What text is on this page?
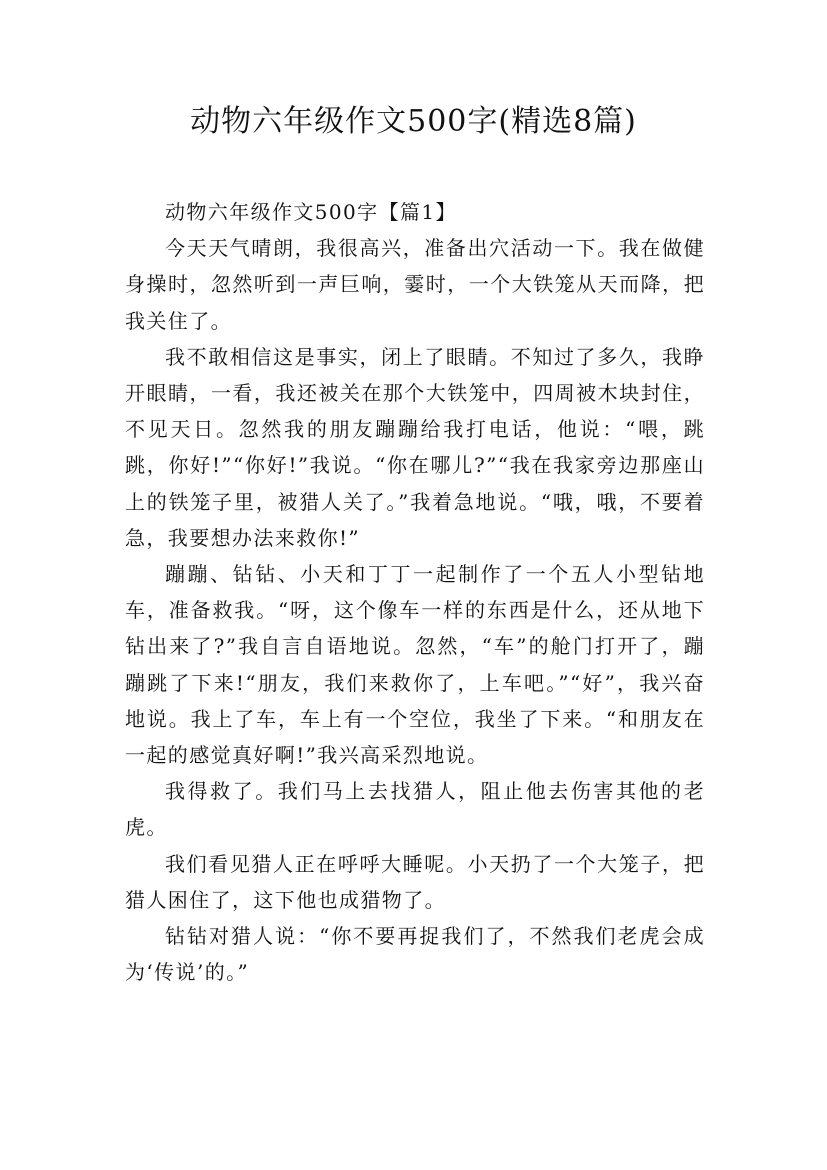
动物六年级作文500字(精选8篇)
动物六年级作文500字【篇1】

今天天气晴朗，我很高兴，准备出穴活动一下。我在做健身操时，忽然听到一声巨响，霎时，一个大铁笼从天而降，把我关住了。

我不敢相信这是事实，闭上了眼睛。不知过了多久，我睁开眼睛，一看，我还被关在那个大铁笼中，四周被木块封住，不见天日。忽然我的朋友蹦蹦给我打电话，他说：“喂，跳跳，你好!”“你好!”我说。“你在哪儿?”“我在我家旁边那座山上的铁笼子里，被猎人关了。”我着急地说。“哦，哦，不要着急，我要想办法来救你!”

蹦蹦、钻钻、小天和丁丁一起制作了一个五人小型钻地车，准备救我。“呀，这个像车一样的东西是什么，还从地下钻出来了?”我自言自语地说。忽然，“车”的舱门打开了，蹦蹦跳了下来!“朋友，我们来救你了，上车吧。”“好”，我兴奋地说。我上了车，车上有一个空位，我坐了下来。“和朋友在一起的感觉真好啊!”我兴高采烈地说。

我得救了。我们马上去找猎人，阻止他去伤害其他的老虎。

我们看见猎人正在呼呼大睡呢。小天扔了一个大笼子，把猎人困住了，这下他也成猎物了。

钻钻对猎人说：“你不要再捉我们了，不然我们老虎会成为‘传说’的。”
